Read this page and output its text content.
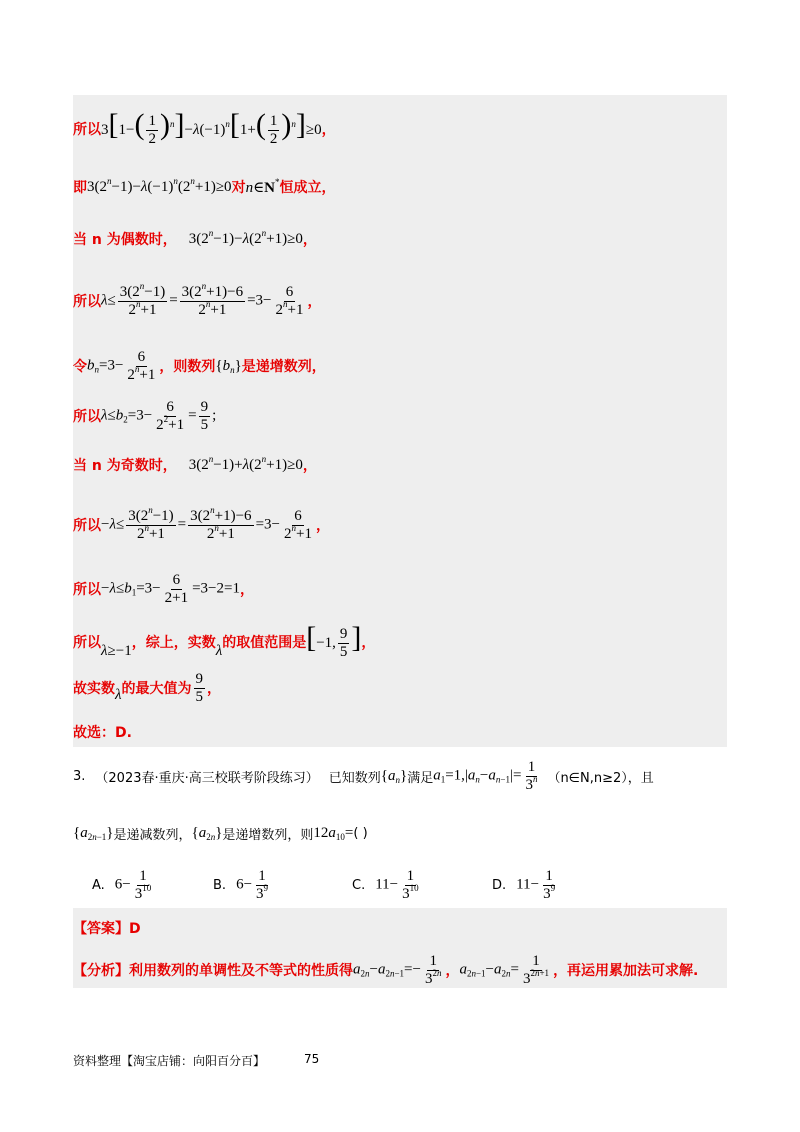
所以 $3[1-( \frac{1}{2} )^n]-\lambda(-1)^n[1+( \frac{1}{2} )^n]\ge 0$ ，
即 $3(2^n-1)-\lambda(-1)^n(2^n+1)\ge 0$ 对 n∈N* 恒成立，
当 n 为偶数时， $3(2^n-1)-\lambda(2^n+1)\ge 0$ ，
所以 $\lambda\le \frac{3(2^n-1)}{2^n+1} = \frac{3(2^n+1)-6}{2^n+1} =3- \frac{6}{2^n+1}$ ，
令 $b_n=3- \frac{6}{2^n+1}$ ，则数列 $\{b_n\}$ 是递增数列，
所以 $\lambda\le b_2=3- \frac{6}{2^2+1} = \frac{9}{5}$ ;
当 n 为奇数时， $3(2^n-1)+\lambda(2^n+1)\ge 0$ ，
所以 $-\lambda\le \frac{3(2^n-1)}{2^n+1} = \frac{3(2^n+1)-6}{2^n+1} =3- \frac{6}{2^n+1}$ ，
所以 $-\lambda\le b_1=3- \frac{6}{2+1} =3-2=1$ ，
所以 λ≥−1 ，综上，实数 λ 的取值范围是 [−1, $\frac{9}{5}$ ] ，
故实数 λ 的最大值为 $\frac{9}{5}$ ，
故选：D.
3. （2023春·重庆·高三校联考阶段练习） 已知数列 $\{a_n\}$ 满足 $a_1=1,|a_n-a_{n-1}|= \frac{1}{3^n}$ （n∈N,n≥2），且
$\{a_{2n-1}\}$ 是递减数列， $\{a_{2n}\}$ 是递增数列，则 $12a_{10}=$ ( )
A. $6- \frac{1}{3^{10}}$	B. $6- \frac{1}{3^9}$	C. $11- \frac{1}{3^{10}}$	D. $11- \frac{1}{3^9}$
【答案】D
【分析】利用数列的单调性及不等式的性质得 $a_{2n}-a_{2n-1}=- \frac{1}{3^{2n}}$ ， $a_{2n-1}-a_{2n}= \frac{1}{3^{2n+1}}$ ，再运用累加法可求解.
资料整理【淘宝店铺：向阳百分百】	75
